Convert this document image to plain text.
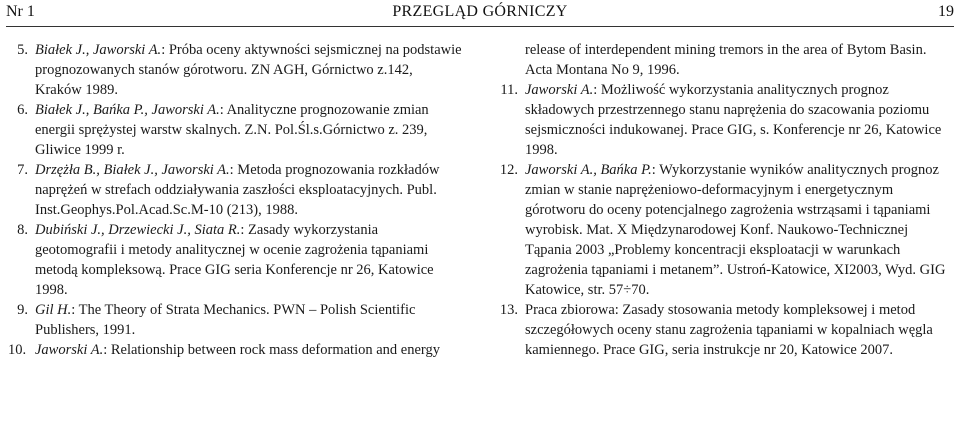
Nr 1	PRZEGLĄD GÓRNICZY	19

5. Białek J., Jaworski A.: Próba oceny aktywności sejsmicznej na podstawie prognozowanych stanów górotworu. ZN AGH, Górnictwo z.142, Kraków 1989.

6. Białek J., Bańka P., Jaworski A.: Analityczne prognozowanie zmian energii sprężystej warstw skalnych. Z.N. Pol.Śl.s.Górnictwo z. 239, Gliwice 1999 r.

7. Drzężła B., Białek J., Jaworski A.: Metoda prognozowania rozkładów naprężeń w strefach oddziaływania zaszłości eksploatacyjnych. Publ. Inst.Geophys.Pol.Acad.Sc.M-10 (213), 1988.

8. Dubiński J., Drzewiecki J., Siata R.: Zasady wykorzystania geotomografii i metody analitycznej w ocenie zagrożenia tąpaniami metodą kompleksową. Prace GIG seria Konferencje nr 26, Katowice 1998.

9. Gil H.: The Theory of Strata Mechanics. PWN – Polish Scientific Publishers, 1991.

10. Jaworski A.: Relationship between rock mass deformation and energy

release of interdependent mining tremors in the area of Bytom Basin. Acta Montana No 9, 1996.

11. Jaworski A.: Możliwość wykorzystania analitycznych prognoz składowych przestrzennego stanu naprężenia do szacowania poziomu sejsmiczności indukowanej. Prace GIG, s. Konferencje nr 26, Katowice 1998.

12. Jaworski A., Bańka P.: Wykorzystanie wyników analitycznych prognoz zmian w stanie naprężeniowo-deformacyjnym i energetycznym górotworu do oceny potencjalnego zagrożenia wstrząsami i tąpaniami wyrobisk. Mat. X Międzynarodowej Konf. Naukowo-Technicznej Tąpania 2003 „Problemy koncentracji eksploatacji w warunkach zagrożenia tąpaniami i metanem”. Ustroń-Katowice, XI2003, Wyd. GIG Katowice, str. 57÷70.

13. Praca zbiorowa: Zasady stosowania metody kompleksowej i metod szczegółowych oceny stanu zagrożenia tąpaniami w kopalniach węgla kamiennego. Prace GIG, seria instrukcje nr 20, Katowice 2007.
